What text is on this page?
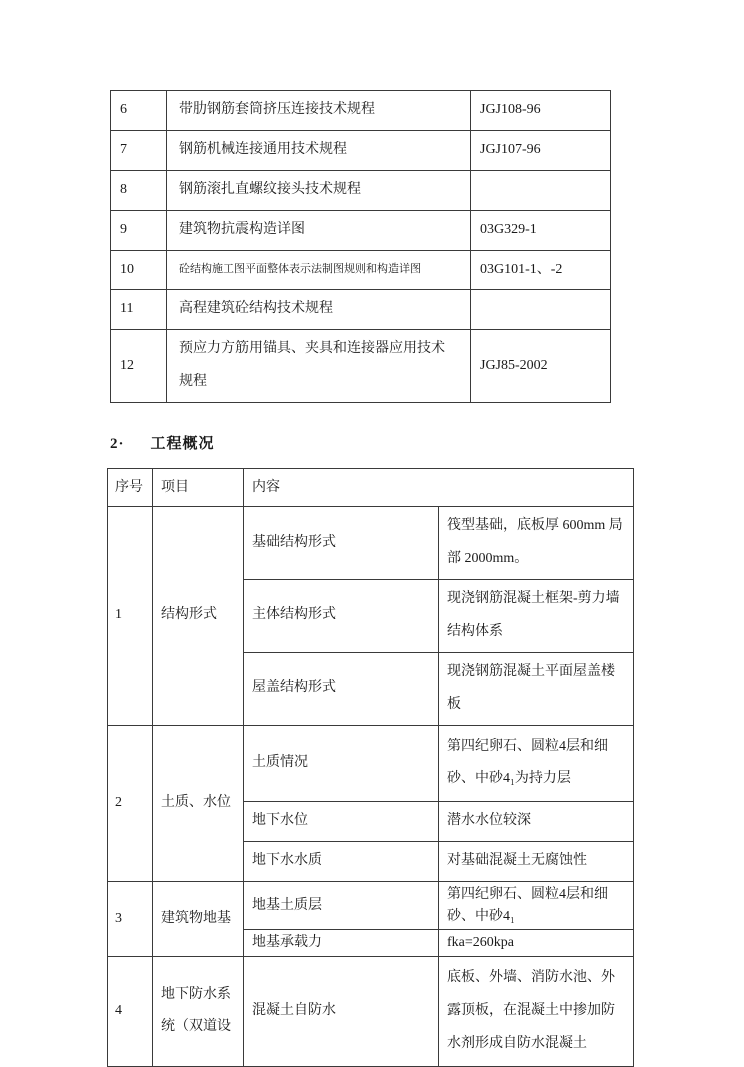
6	带肋钢筋套筒挤压连接技术规程	JGJ108-96
7	钢筋机械连接通用技术规程	JGJ107-96
8	钢筋滚扎直螺纹接头技术规程	
9	建筑物抗震构造详图	03G329-1
10	砼结构施工图平面整体表示法制图规则和构造详图	03G101-1、-2
11	高程建筑砼结构技术规程	
12	预应力方筋用锚具、夹具和连接器应用技术规程	JGJ85-2002
2· 工程概况
序号	项目	内容	
1	结构形式	基础结构形式	筏型基础，底板厚 600mm 局部 2000mm。
		主体结构形式	现浇钢筋混凝土框架-剪力墙结构体系
		屋盖结构形式	现浇钢筋混凝土平面屋盖楼板
2	土质、水位	土质情况	第四纪卵石、圆粒4层和细砂、中砂4₁为持力层
		地下水位	潜水水位较深
		地下水水质	对基础混凝土无腐蚀性
3	建筑物地基	地基土质层	第四纪卵石、圆粒4层和细砂、中砂4₁
		地基承载力	fka=260kpa
4	地下防水系统（双道设	混凝土自防水	底板、外墙、消防水池、外露顶板，在混凝土中掺加防水剂形成自防水混凝土
